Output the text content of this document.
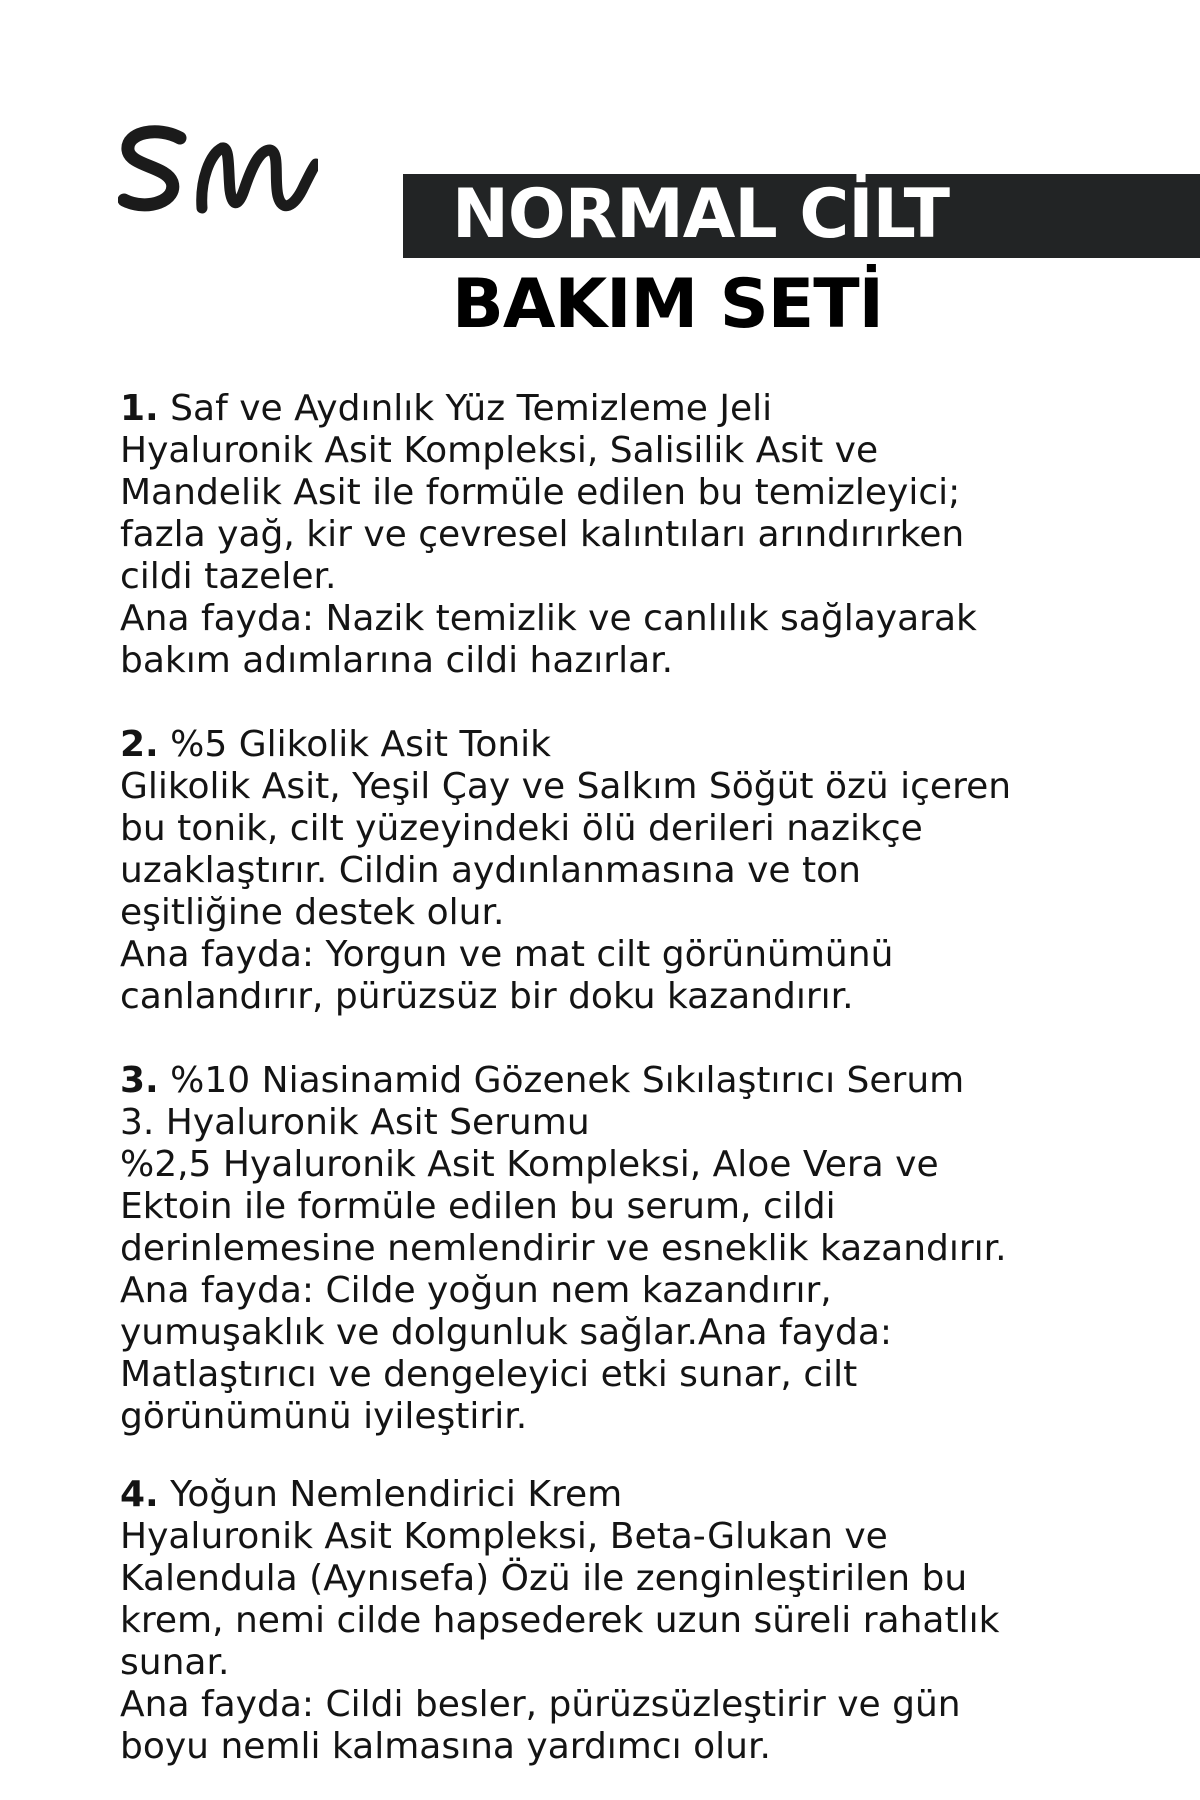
NORMAL CİLT
BAKIM SETİ
1. Saf ve Aydınlık Yüz Temizleme Jeli
Hyaluronik Asit Kompleksi, Salisilik Asit ve
Mandelik Asit ile formüle edilen bu temizleyici;
fazla yağ, kir ve çevresel kalıntıları arındırırken
cildi tazeler.
Ana fayda: Nazik temizlik ve canlılık sağlayarak
bakım adımlarına cildi hazırlar.
2. %5 Glikolik Asit Tonik
Glikolik Asit, Yeşil Çay ve Salkım Söğüt özü içeren
bu tonik, cilt yüzeyindeki ölü derileri nazikçe
uzaklaştırır. Cildin aydınlanmasına ve ton
eşitliğine destek olur.
Ana fayda: Yorgun ve mat cilt görünümünü
canlandırır, pürüzsüz bir doku kazandırır.
3. %10 Niasinamid Gözenek Sıkılaştırıcı Serum
3. Hyaluronik Asit Serumu
%2,5 Hyaluronik Asit Kompleksi, Aloe Vera ve
Ektoin ile formüle edilen bu serum, cildi
derinlemesine nemlendirir ve esneklik kazandırır.
Ana fayda: Cilde yoğun nem kazandırır,
yumuşaklık ve dolgunluk sağlar.Ana fayda:
Matlaştırıcı ve dengeleyici etki sunar, cilt
görünümünü iyileştirir.
4. Yoğun Nemlendirici Krem
Hyaluronik Asit Kompleksi, Beta-Glukan ve
Kalendula (Aynısefa) Özü ile zenginleştirilen bu
krem, nemi cilde hapsederek uzun süreli rahatlık
sunar.
Ana fayda: Cildi besler, pürüzsüzleştirir ve gün
boyu nemli kalmasına yardımcı olur.
